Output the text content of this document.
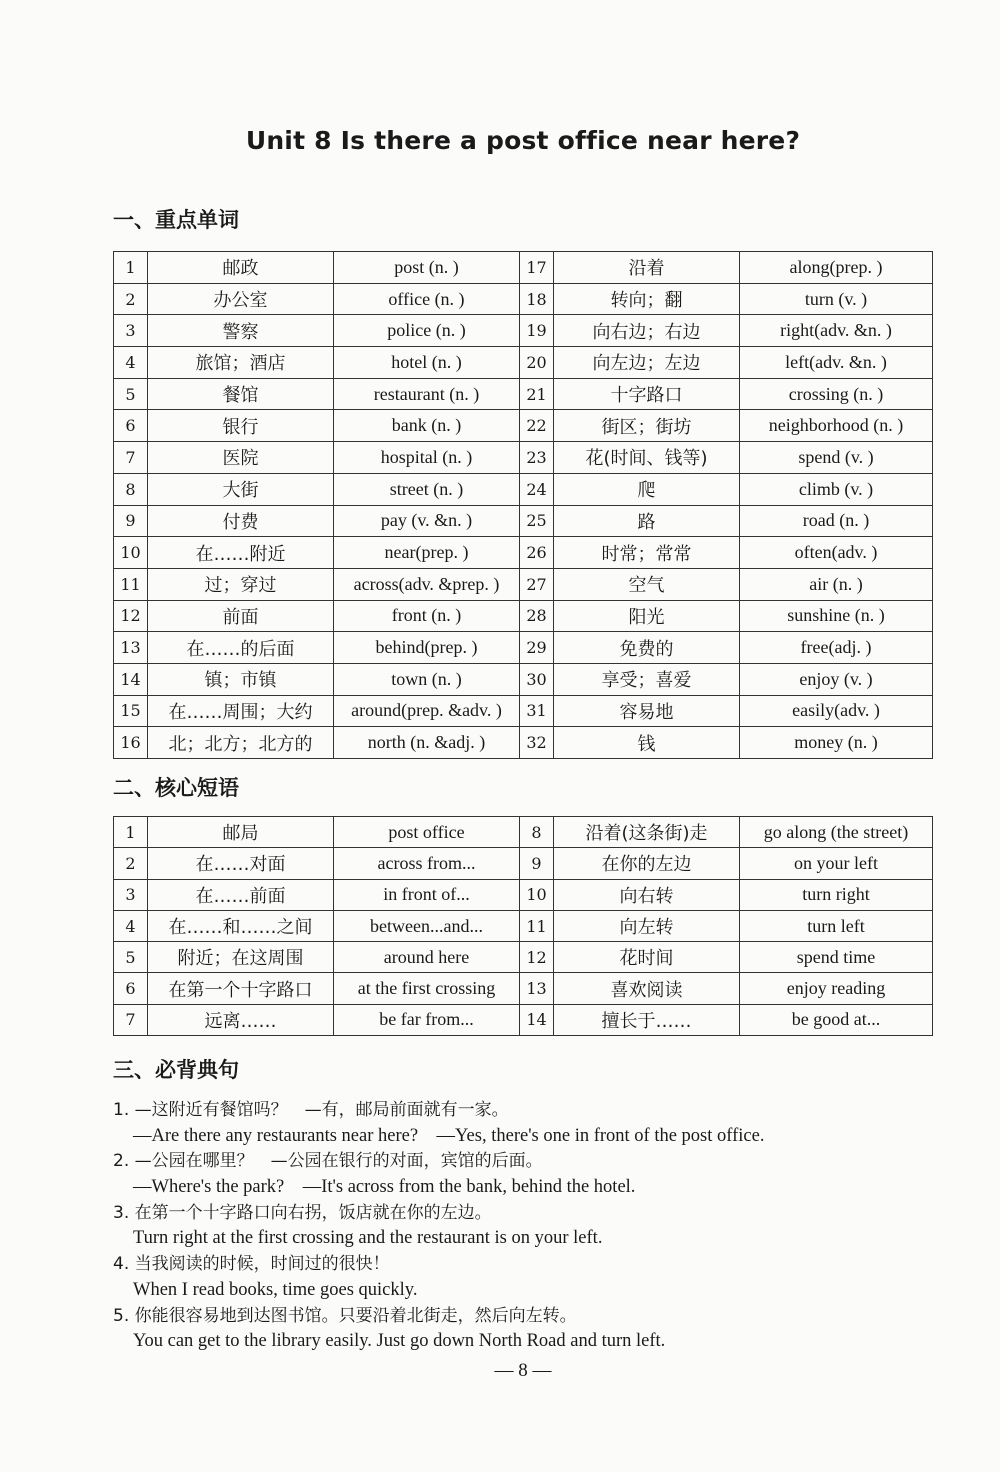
Unit 8 Is there a post office near here?
一、重点单词
1	邮政	post (n. )	17	沿着	along(prep. )
2	办公室	office (n. )	18	转向；翻	turn (v. )
3	警察	police (n. )	19	向右边；右边	right(adv. &n. )
4	旅馆；酒店	hotel (n. )	20	向左边；左边	left(adv. &n. )
5	餐馆	restaurant (n. )	21	十字路口	crossing (n. )
6	银行	bank (n. )	22	街区；街坊	neighborhood (n. )
7	医院	hospital (n. )	23	花(时间、钱等)	spend (v. )
8	大街	street (n. )	24	爬	climb (v. )
9	付费	pay (v. &n. )	25	路	road (n. )
10	在……附近	near(prep. )	26	时常；常常	often(adv. )
11	过；穿过	across(adv. &prep. )	27	空气	air (n. )
12	前面	front (n. )	28	阳光	sunshine (n. )
13	在……的后面	behind(prep. )	29	免费的	free(adj. )
14	镇；市镇	town (n. )	30	享受；喜爱	enjoy (v. )
15	在……周围；大约	around(prep. &adv. )	31	容易地	easily(adv. )
16	北；北方；北方的	north (n. &adj. )	32	钱	money (n. )
二、核心短语
1	邮局	post office	8	沿着(这条街)走	go along (the street)
2	在……对面	across from...	9	在你的左边	on your left
3	在……前面	in front of...	10	向右转	turn right
4	在……和……之间	between...and...	11	向左转	turn left
5	附近；在这周围	around here	12	花时间	spend time
6	在第一个十字路口	at the first crossing	13	喜欢阅读	enjoy reading
7	远离……	be far from...	14	擅长于……	be good at...
三、必背典句
1. —这附近有餐馆吗？　—有，邮局前面就有一家。
—Are there any restaurants near here?　—Yes, there's one in front of the post office.
2. —公园在哪里？　—公园在银行的对面，宾馆的后面。
—Where's the park?　—It's across from the bank, behind the hotel.
3. 在第一个十字路口向右拐，饭店就在你的左边。
Turn right at the first crossing and the restaurant is on your left.
4. 当我阅读的时候，时间过的很快！
When I read books, time goes quickly.
5. 你能很容易地到达图书馆。只要沿着北街走，然后向左转。
You can get to the library easily. Just go down North Road and turn left.
— 8 —
